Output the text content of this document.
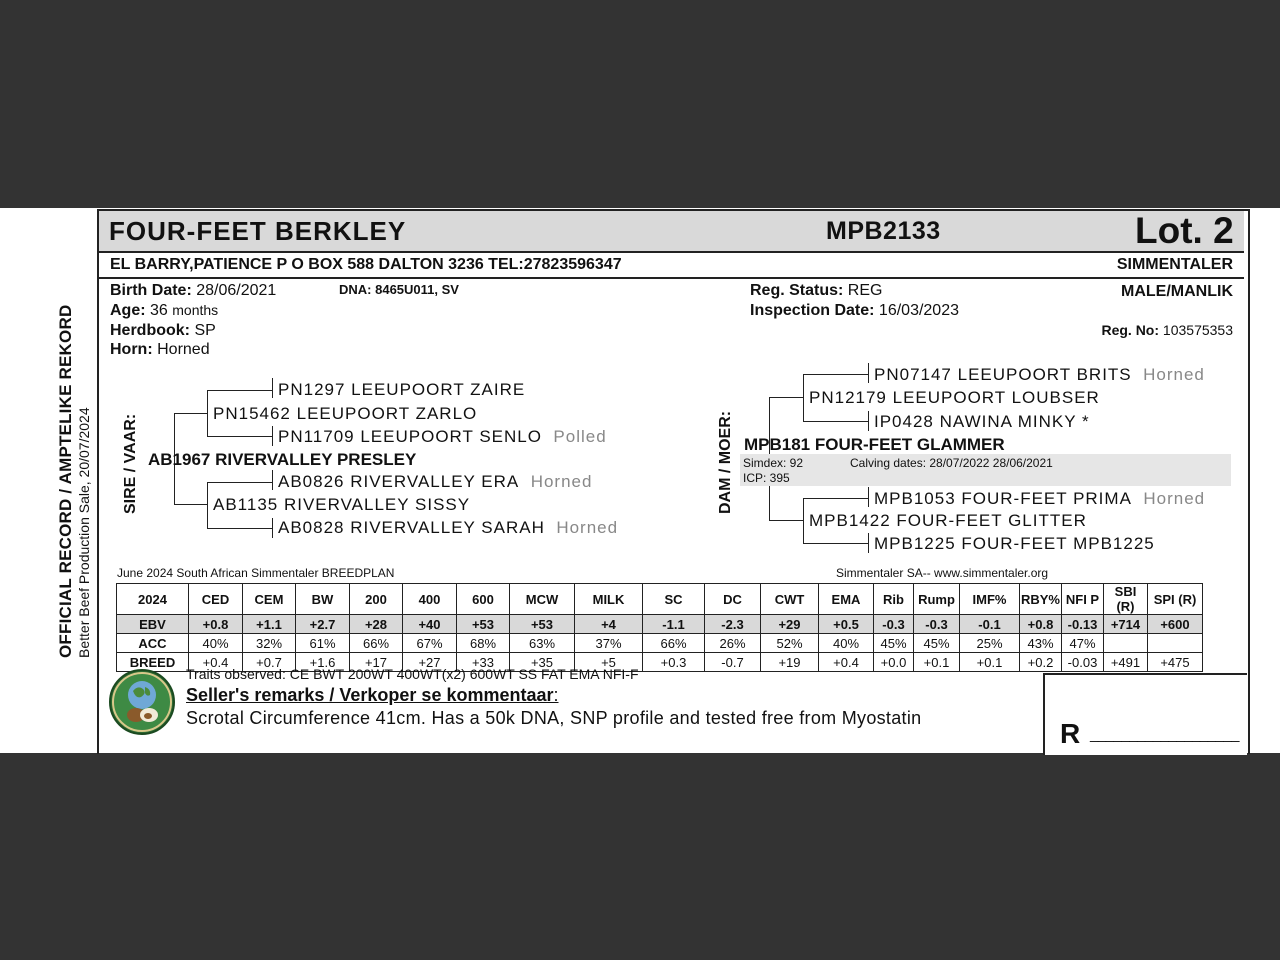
OFFICIAL RECORD / AMPTELIKE REKORD Better Beef Production Sale, 20/07/2024
FOUR-FEET BERKLEY	MPB2133	Lot. 2
EL BARRY,PATIENCE P O BOX 588 DALTON 3236 TEL:27823596347	SIMMENTALER
Birth Date: 28/06/2021
Age: 36 months
Herdbook: SP
Horn: Horned
DNA: 8465U011, SV	Reg. Status: REG
Inspection Date: 16/03/2023
MALE/MANLIK
Reg. No: 103575353
SIRE / VAAR:
PN1297 LEEUPOORT ZAIRE
PN15462 LEEUPOORT ZARLO
PN11709 LEEUPOORT SENLO Polled
AB1967 RIVERVALLEY PRESLEY
AB0826 RIVERVALLEY ERA Horned
AB1135 RIVERVALLEY SISSY
AB0828 RIVERVALLEY SARAH Horned
DAM / MOER:
PN07147 LEEUPOORT BRITS Horned
PN12179 LEEUPOORT LOUBSER
IP0428 NAWINA MINKY *
MPB181 FOUR-FEET GLAMMER
Simdex: 92
ICP: 395
Calving dates: 28/07/2022 28/06/2021
MPB1053 FOUR-FEET PRIMA Horned
MPB1422 FOUR-FEET GLITTER
MPB1225 FOUR-FEET MPB1225
June 2024 South African Simmentaler BREEDPLAN	Simmentaler SA-- www.simmentaler.org
2024	CED	CEM	BW	200	400	600	MCW	MILK	SC	DC	CWT	EMA	Rib	Rump	IMF%	RBY%	NFI P	SBI (R)	SPI (R)
EBV	+0.8	+1.1	+2.7	+28	+40	+53	+53	+4	-1.1	-2.3	+29	+0.5	-0.3	-0.3	-0.1	+0.8	-0.13	+714	+600
ACC	40%	32%	61%	66%	67%	68%	63%	37%	66%	26%	52%	40%	45%	45%	25%	43%	47%		
BREED	+0.4	+0.7	+1.6	+17	+27	+33	+35	+5	+0.3	-0.7	+19	+0.4	+0.0	+0.1	+0.1	+0.2	-0.03	+491	+475
Traits observed: CE BWT 200WT 400WT(x2) 600WT SS FAT EMA NFI-F
Seller's remarks / Verkoper se kommentaar:
Scrotal Circumference 41cm. Has a 50k DNA, SNP profile and tested free from Myostatin	R ___________________
